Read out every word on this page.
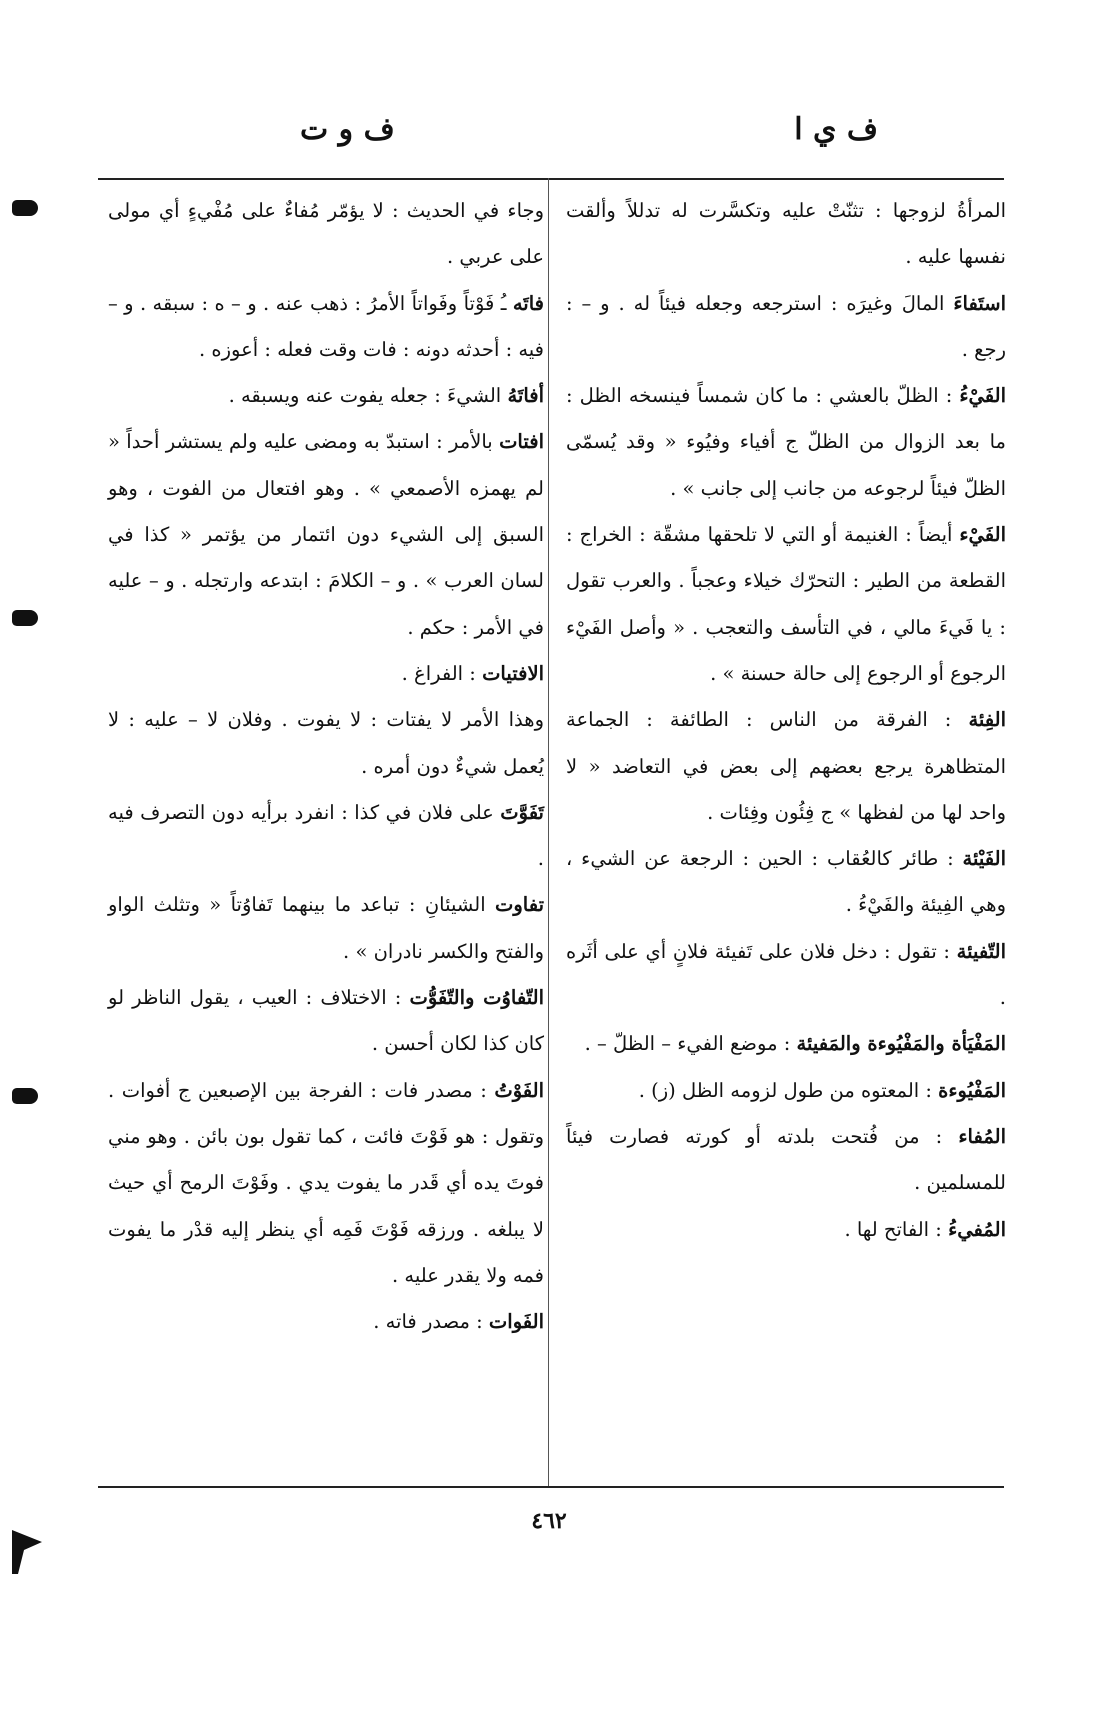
ف ي ا
ف و ت

المرأةُ لزوجها : تثنّتْ عليه وتكسَّرت له تدللاً وألقت نفسها عليه .

استَفاءَ المالَ وغيرَه : استرجعه وجعله فيئاً له . و – : رجع .

الفَيْءُ : الظلّ بالعشي : ما كان شمساً فينسخه الظل : ما بعد الزوال من الظلّ ج أفياء وفيُوء « وقد يُسمّى الظلّ فيئاً لرجوعه من جانب إلى جانب » .

الفَيْء أيضاً : الغنيمة أو التي لا تلحقها مشقّة : الخراج : القطعة من الطير : التحرّك خيلاء وعجباً . والعرب تقول : يا فَيءَ مالي ، في التأسف والتعجب . « وأصل الفَيْء الرجوع أو الرجوع إلى حالة حسنة » .

الفِئة : الفرقة من الناس : الطائفة : الجماعة المتظاهرة يرجع بعضهم إلى بعض في التعاضد « لا واحد لها من لفظها » ج فِئُون وفِئات .

الفَيْئة : طائر كالعُقاب : الحين : الرجعة عن الشيء ، وهي الفِيئة والفَيْءُ .

التّفيئة : تقول : دخل فلان على تَفيئة فلانٍ أي على أثَره .

المَفْيَأة والمَفْيُوءة والمَفيئة : موضع الفيء – الظلّ – .

المَفْيُوءة : المعتوه من طول لزومه الظل (ز) .

المُفاء : من فُتحت بلدته أو كورته فصارت فيئاً للمسلمين .

المُفيءُ : الفاتح لها .

وجاء في الحديث : لا يؤمّر مُفاءٌ على مُفْيءٍ أي مولى على عربي .

فاتَه ـُ فَوْتاً وفَواتاً الأمرُ : ذهب عنه . و – ه : سبقه . و – فيه : أحدثه دونه : فات وقت فعله : أعوزه .

أفاتَهُ الشيءَ : جعله يفوت عنه ويسبقه .

افتات بالأمر : استبدّ به ومضى عليه ولم يستشر أحداً « لم يهمزه الأصمعي » . وهو افتعال من الفوت ، وهو السبق إلى الشيء دون ائتمار من يؤتمر « كذا في لسان العرب » . و – الكلامَ : ابتدعه وارتجله . و – عليه في الأمر : حكم .

الافتيات : الفراغ .

وهذا الأمر لا يفتات : لا يفوت . وفلان لا – عليه : لا يُعمل شيءٌ دون أمره .

تَفَوَّتَ على فلان في كذا : انفرد برأيه دون التصرف فيه .

تفاوت الشيئانِ : تباعد ما بينهما تَفاوُتاً « وتثلث الواو والفتح والكسر نادران » .

التّفاوُت والتّفَوُّت : الاختلاف : العيب ، يقول الناظر لو كان كذا لكان أحسن .

الفَوْتُ : مصدر فات : الفرجة بين الإصبعين ج أفوات . وتقول : هو فَوْتَ فائت ، كما تقول بون بائن . وهو مني فوتَ يده أي قَدر ما يفوت يدي . وفَوْتَ الرمح أي حيث لا يبلغه . ورزقه فَوْتَ فَمِه أي ينظر إليه قدْر ما يفوت فمه ولا يقدر عليه .

الفَوات : مصدر فاته .

٤٦٢
